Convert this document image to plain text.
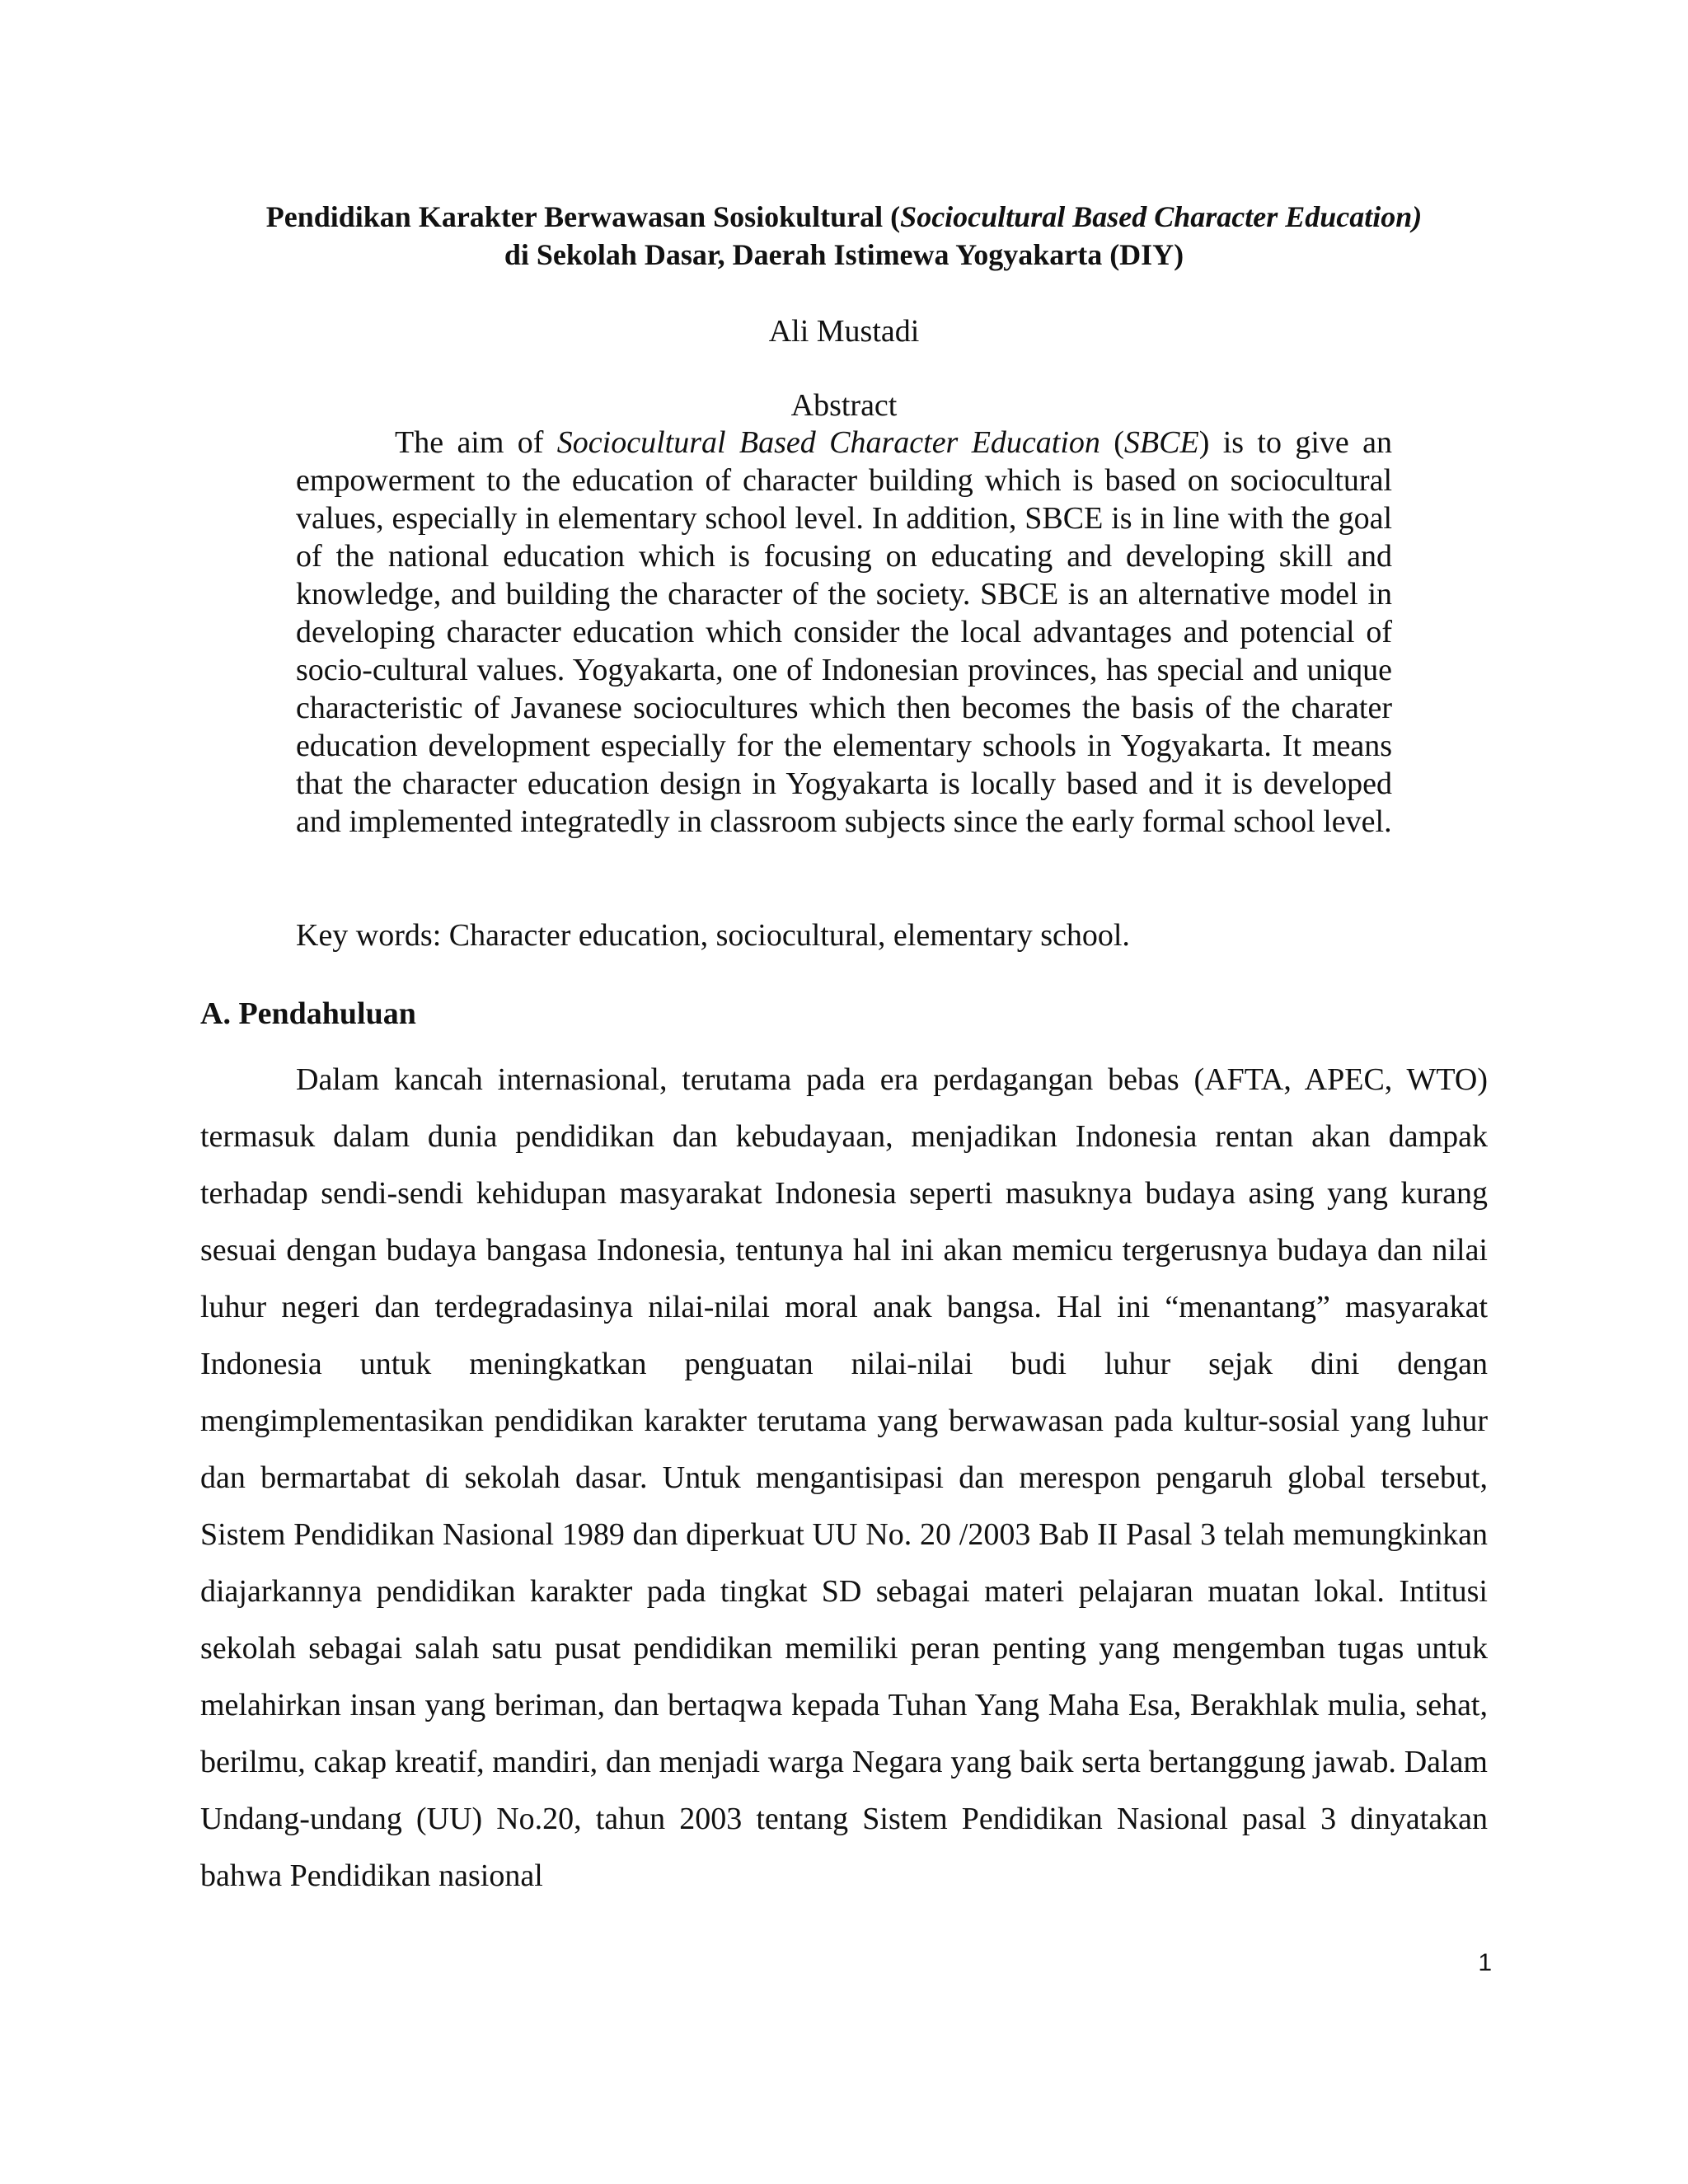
Pendidikan Karakter Berwawasan Sosiokultural (Sociocultural Based Character Education)
di Sekolah Dasar, Daerah Istimewa Yogyakarta (DIY)
Ali Mustadi
Abstract

The aim of Sociocultural Based Character Education (SBCE) is to give an empowerment to the education of character building which is based on sociocultural values, especially in elementary school level. In addition, SBCE is in line with the goal of the national education which is focusing on educating and developing skill and knowledge, and building the character of the society. SBCE is an alternative model in developing character education which consider the local advantages and potencial of socio-cultural values. Yogyakarta, one of Indonesian provinces, has special and unique characteristic of Javanese sociocultures which then becomes the basis of the charater education development especially for the elementary schools in Yogyakarta. It means that the character education design in Yogyakarta is locally based and it is developed and implemented integratedly in classroom subjects since the early formal school level.

Key words: Character education, sociocultural, elementary school.

A. Pendahuluan

Dalam kancah internasional, terutama pada era perdagangan bebas (AFTA, APEC, WTO) termasuk dalam dunia pendidikan dan kebudayaan, menjadikan Indonesia rentan akan dampak terhadap sendi-sendi kehidupan masyarakat Indonesia seperti masuknya budaya asing yang kurang sesuai dengan budaya bangasa Indonesia, tentunya hal ini akan memicu tergerusnya budaya dan nilai luhur negeri dan terdegradasinya nilai-nilai moral anak bangsa. Hal ini “menantang” masyarakat Indonesia untuk meningkatkan penguatan nilai-nilai budi luhur sejak dini dengan mengimplementasikan pendidikan karakter terutama yang berwawasan pada kultur-sosial yang luhur dan bermartabat di sekolah dasar. Untuk mengantisipasi dan merespon pengaruh global tersebut, Sistem Pendidikan Nasional 1989 dan diperkuat UU No. 20 /2003 Bab II Pasal 3 telah memungkinkan diajarkannya pendidikan karakter pada tingkat SD sebagai materi pelajaran muatan lokal. Intitusi sekolah sebagai salah satu pusat pendidikan memiliki peran penting yang mengemban tugas untuk melahirkan insan yang beriman, dan bertaqwa kepada Tuhan Yang Maha Esa, Berakhlak mulia, sehat, berilmu, cakap kreatif, mandiri, dan menjadi warga Negara yang baik serta bertanggung jawab. Dalam Undang-undang (UU) No.20, tahun 2003 tentang Sistem Pendidikan Nasional pasal 3 dinyatakan bahwa Pendidikan nasional

1
